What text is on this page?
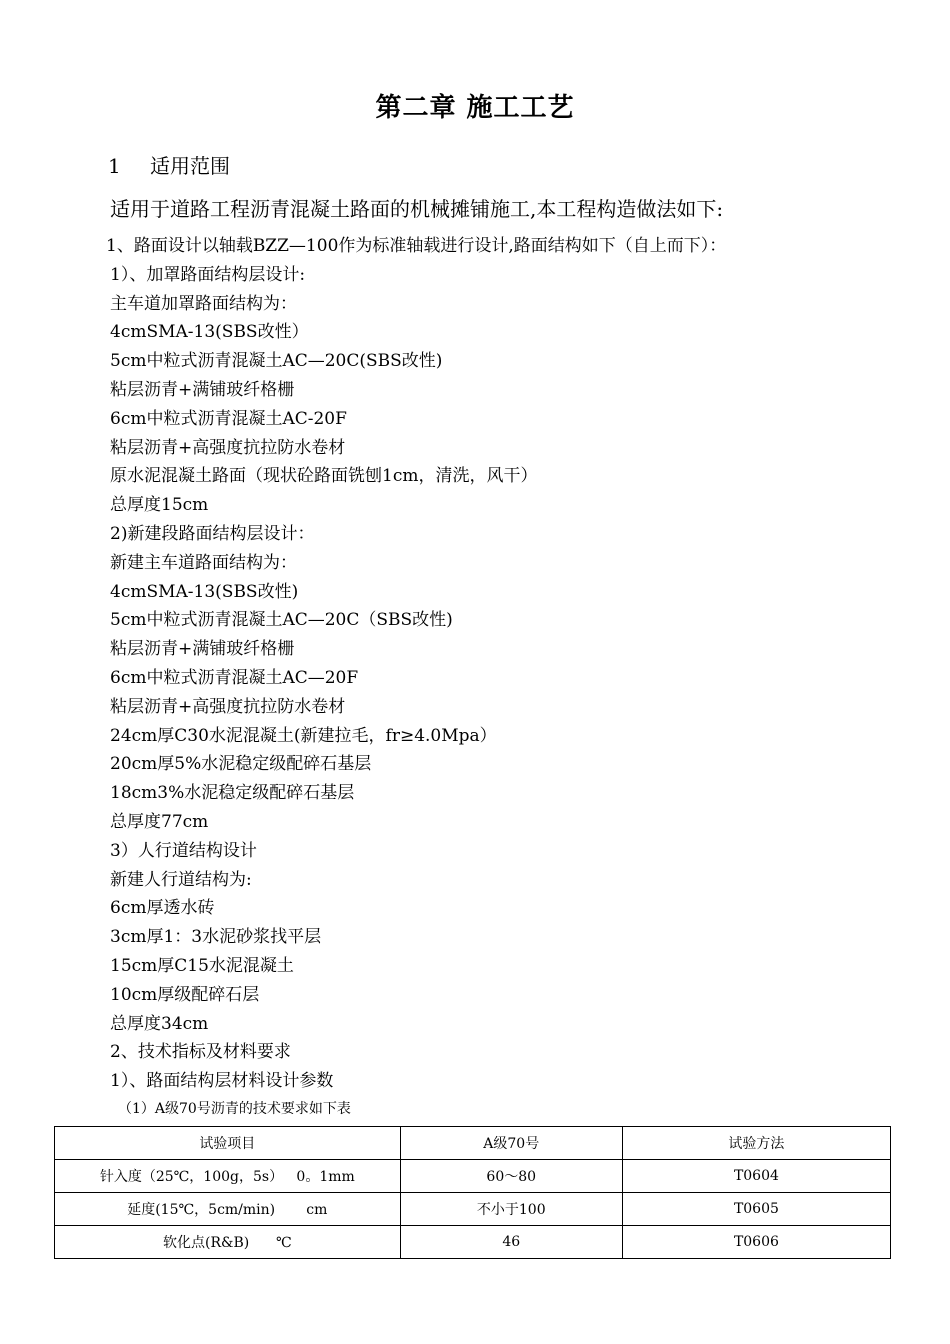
第二章 施工工艺
1 适用范围
适用于道路工程沥青混凝土路面的机械摊铺施工,本工程构造做法如下:
1、路面设计以轴载BZZ—100作为标准轴载进行设计,路面结构如下（自上而下）：
1）、加罩路面结构层设计:
主车道加罩路面结构为：
4cmSMA-13(SBS改性）
5cm中粒式沥青混凝土AC—20C(SBS改性)
粘层沥青+满铺玻纤格栅
6cm中粒式沥青混凝土AC-20F
粘层沥青+高强度抗拉防水卷材
原水泥混凝土路面（现状砼路面铣刨1cm，清洗，风干）
总厚度15cm
2)新建段路面结构层设计：
新建主车道路面结构为：
4cmSMA-13(SBS改性)
5cm中粒式沥青混凝土AC—20C（SBS改性)
粘层沥青+满铺玻纤格栅
6cm中粒式沥青混凝土AC—20F
粘层沥青+高强度抗拉防水卷材
24cm厚C30水泥混凝土(新建拉毛，fr≥4.0Mpa）
20cm厚5%水泥稳定级配碎石基层
18cm3%水泥稳定级配碎石基层
总厚度77cm
3）人行道结构设计
新建人行道结构为:
6cm厚透水砖
3cm厚1：3水泥砂浆找平层
15cm厚C15水泥混凝土
10cm厚级配碎石层
总厚度34cm
2、技术指标及材料要求
1）、路面结构层材料设计参数
（1）A级70号沥青的技术要求如下表
试验项目	A级70号	试验方法
针入度（25℃，100g，5s）   0。1mm	60～80	T0604
延度(15℃，5cm/min)       cm	不小于100	T0605
软化点(R&B)      ℃	46	T0606
